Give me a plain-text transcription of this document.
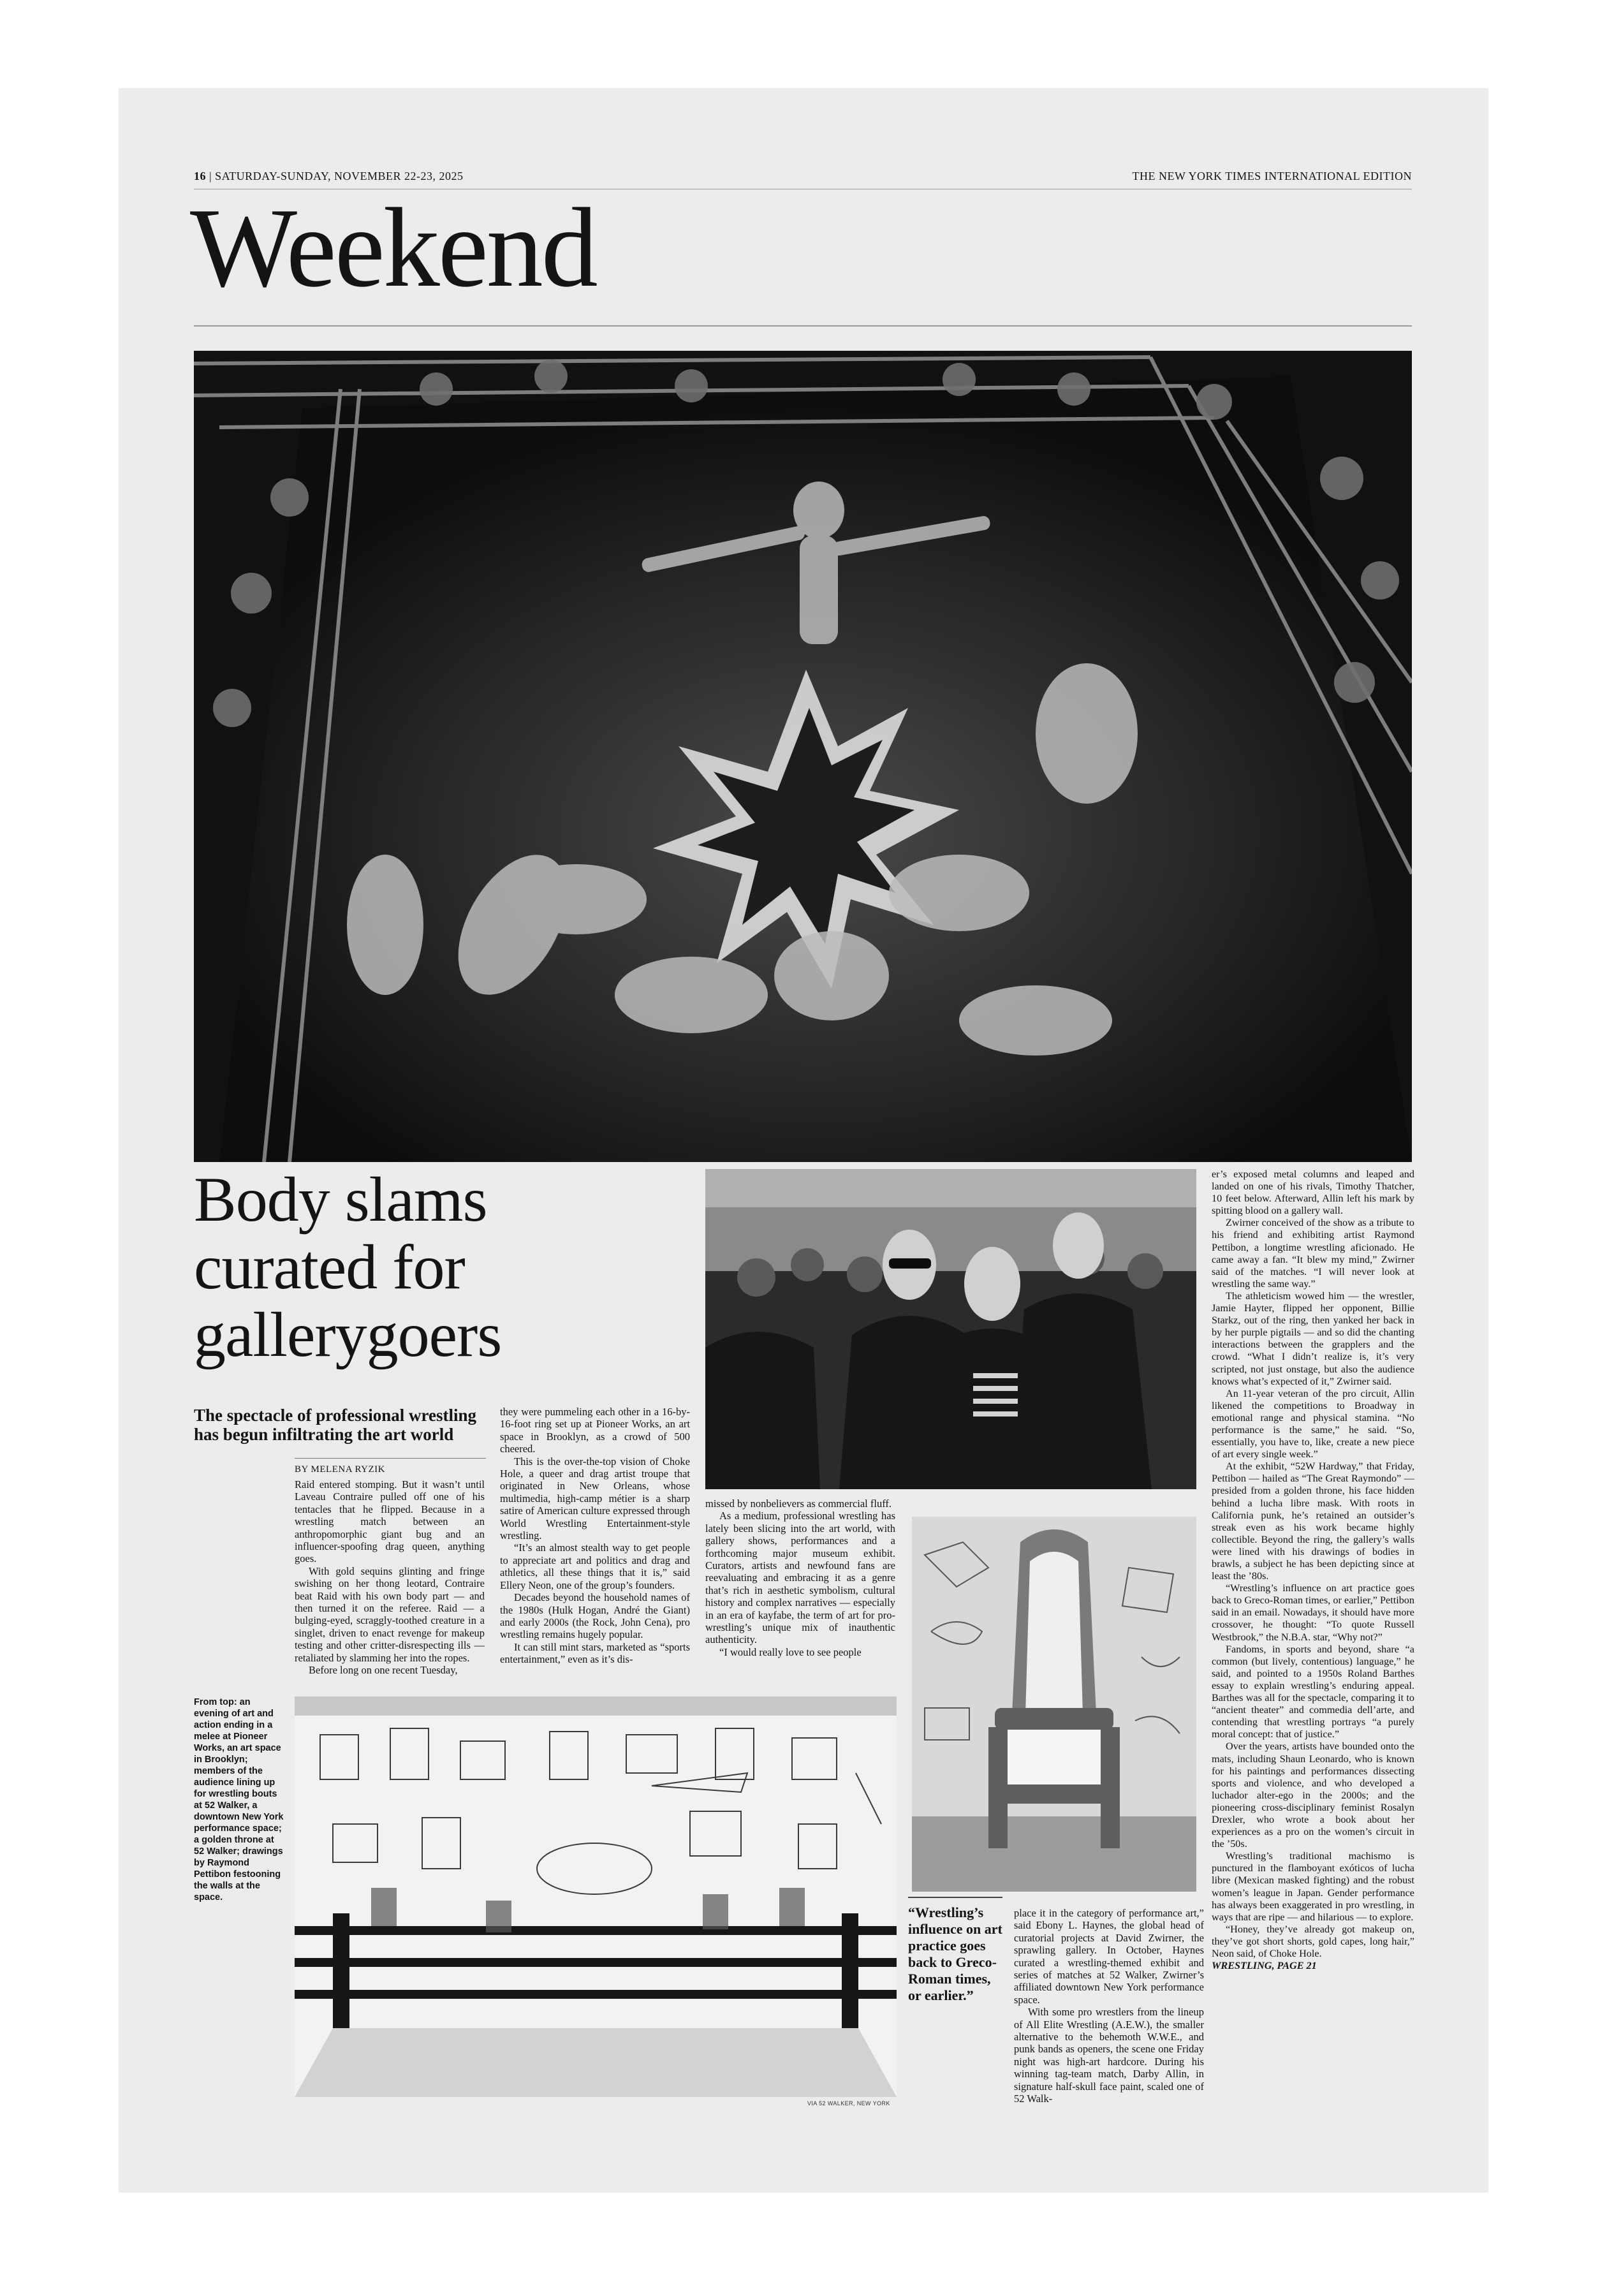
16 | SATURDAY-SUNDAY, NOVEMBER 22-23, 2025	THE NEW YORK TIMES INTERNATIONAL EDITION
Weekend
Body slams curated for gallerygoers
The spectacle of professional wrestling has begun infiltrating the art world
BY MELENA RYZIK

Raid entered stomping. But it wasn’t until Laveau Contraire pulled off one of his tentacles that he flipped. Because in a wrestling match between an anthropomorphic giant bug and an influencer-spoofing drag queen, anything goes.

With gold sequins glinting and fringe swishing on her thong leotard, Contraire beat Raid with his own body part — and then turned it on the referee. Raid — a bulging-eyed, scraggly-toothed creature in a singlet, driven to enact revenge for makeup testing and other critter-disrespecting ills — retaliated by slamming her into the ropes.

Before long on one recent Tuesday,

they were pummeling each other in a 16-by-16-foot ring set up at Pioneer Works, an art space in Brooklyn, as a crowd of 500 cheered.

This is the over-the-top vision of Choke Hole, a queer and drag artist troupe that originated in New Orleans, whose multimedia, high-camp métier is a sharp satire of American culture expressed through World Wrestling Entertainment-style wrestling.

“It’s an almost stealth way to get people to appreciate art and politics and drag and athletics, all these things that it is,” said Ellery Neon, one of the group’s founders.

Decades beyond the household names of the 1980s (Hulk Hogan, André the Giant) and early 2000s (the Rock, John Cena), pro wrestling remains hugely popular.

It can still mint stars, marketed as “sports entertainment,” even as it’s dis-

missed by nonbelievers as commercial fluff.

As a medium, professional wrestling has lately been slicing into the art world, with gallery shows, performances and a forthcoming major museum exhibit. Curators, artists and newfound fans are reevaluating and embracing it as a genre that’s rich in aesthetic symbolism, cultural history and complex narratives — especially in an era of kayfabe, the term of art for pro-wrestling’s unique mix of inauthentic authenticity.

“I would really love to see people

place it in the category of performance art,” said Ebony L. Haynes, the global head of curatorial projects at David Zwirner, the sprawling gallery. In October, Haynes curated a wrestling-themed exhibit and series of matches at 52 Walker, Zwirner’s affiliated downtown New York performance space.

With some pro wrestlers from the lineup of All Elite Wrestling (A.E.W.), the smaller alternative to the behemoth W.W.E., and punk bands as openers, the scene one Friday night was high-art hardcore. During his winning tag-team match, Darby Allin, in signature half-skull face paint, scaled one of 52 Walk-

er’s exposed metal columns and leaped and landed on one of his rivals, Timothy Thatcher, 10 feet below. Afterward, Allin left his mark by spitting blood on a gallery wall.

Zwirner conceived of the show as a tribute to his friend and exhibiting artist Raymond Pettibon, a longtime wrestling aficionado. He came away a fan. “It blew my mind,” Zwirner said of the matches. “I will never look at wrestling the same way.”

The athleticism wowed him — the wrestler, Jamie Hayter, flipped her opponent, Billie Starkz, out of the ring, then yanked her back in by her purple pigtails — and so did the chanting interactions between the grapplers and the crowd. “What I didn’t realize is, it’s very scripted, not just onstage, but also the audience knows what’s expected of it,” Zwirner said.

An 11-year veteran of the pro circuit, Allin likened the competitions to Broadway in emotional range and physical stamina. “No performance is the same,” he said. “So, essentially, you have to, like, create a new piece of art every single week.”

At the exhibit, “52W Hardway,” that Friday, Pettibon — hailed as “The Great Raymondo” — presided from a golden throne, his face hidden behind a lucha libre mask. With roots in California punk, he’s retained an outsider’s streak even as his work became highly collectible. Beyond the ring, the gallery’s walls were lined with his drawings of bodies in brawls, a subject he has been depicting since at least the ’80s.

“Wrestling’s influence on art practice goes back to Greco-Roman times, or earlier,” Pettibon said in an email. Nowadays, it should have more crossover, he thought: “To quote Russell Westbrook,” the N.B.A. star, “Why not?”

Fandoms, in sports and beyond, share “a common (but lively, contentious) language,” he said, and pointed to a 1950s Roland Barthes essay to explain wrestling’s enduring appeal. Barthes was all for the spectacle, comparing it to “ancient theater” and commedia dell’arte, and contending that wrestling portrays “a purely moral concept: that of justice.”

Over the years, artists have bounded onto the mats, including Shaun Leonardo, who is known for his paintings and performances dissecting sports and violence, and who developed a luchador alter-ego in the 2000s; and the pioneering cross-disciplinary feminist Rosalyn Drexler, who wrote a book about her experiences as a pro on the women’s circuit in the ’50s.

Wrestling’s traditional machismo is punctured in the flamboyant exóticos of lucha libre (Mexican masked fighting) and the robust women’s league in Japan. Gender performance has always been exaggerated in pro wrestling, in ways that are ripe — and hilarious — to explore.

“Honey, they’ve already got makeup on, they’ve got short shorts, gold capes, long hair,” Neon said, of Choke Hole.

WRESTLING, PAGE 21

From top: an evening of art and action ending in a melee at Pioneer Works, an art space in Brooklyn; members of the audience lining up for wrestling bouts at 52 Walker, a downtown New York performance space; a golden throne at 52 Walker; drawings by Raymond Pettibon festooning the walls at the space.
VIA 52 WALKER, NEW YORK
“Wrestling’s influence on art practice goes back to Greco-Roman times, or earlier.”
